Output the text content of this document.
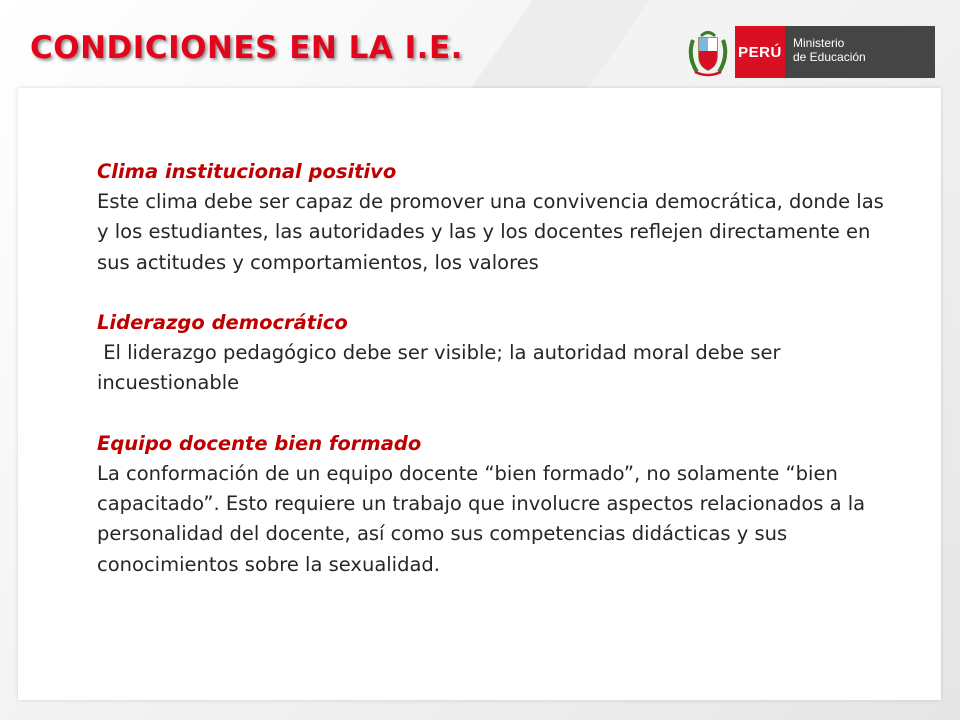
CONDICIONES EN LA I.E.	PERÚ
Ministerio
de Educación
Clima institucional positivo
Este clima debe ser capaz de promover una convivencia democrática, donde las y los estudiantes, las autoridades y las y los docentes reflejen directamente en sus actitudes y comportamientos, los valores
Liderazgo democrático
El liderazgo pedagógico debe ser visible; la autoridad moral debe ser incuestionable
Equipo docente bien formado
La conformación de un equipo docente “bien formado”, no solamente “bien capacitado”. Esto requiere un trabajo que involucre aspectos relacionados a la personalidad del docente, así como sus competencias didácticas y sus conocimientos sobre la sexualidad.
